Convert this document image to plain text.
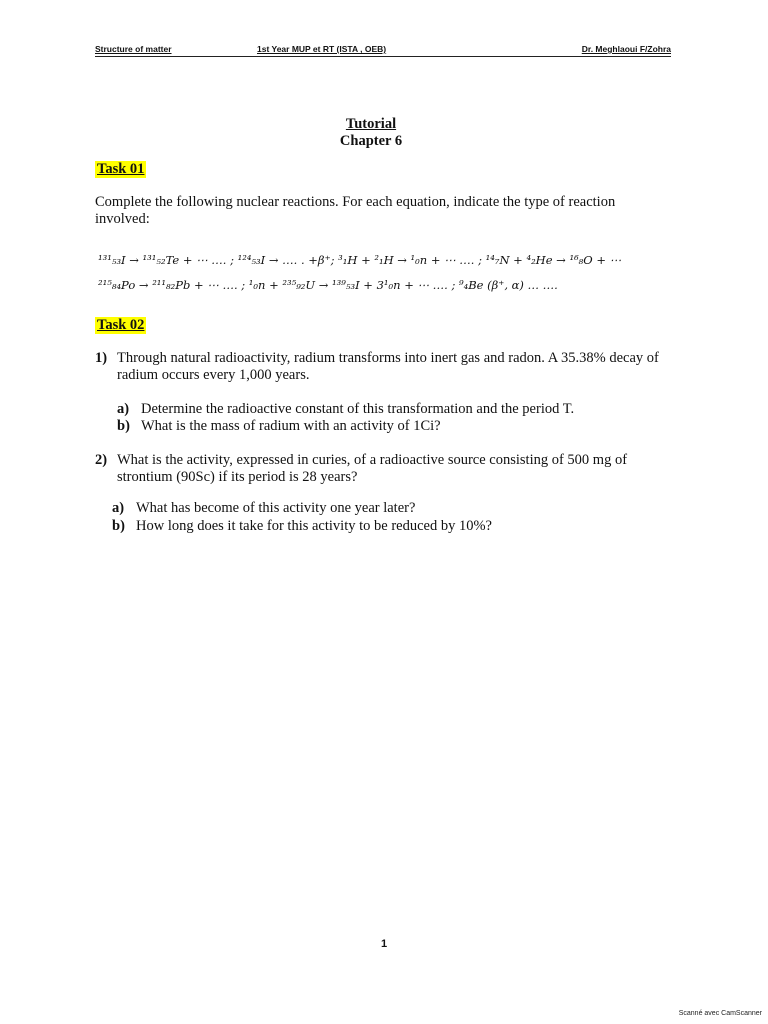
Structure of matter	1st Year MUP et RT (ISTA , OEB)	Dr. Meghlaoui F/Zohra
Tutorial
Chapter 6
Task 01
Complete the following nuclear reactions. For each equation, indicate the type of reaction involved:
¹³¹₅₃I → ¹³¹₅₂Te + ⋯ …. ; ¹²⁴₅₃I → …. . +β⁺; ³₁H + ²₁H → ¹₀n + ⋯ …. ; ¹⁴₇N + ⁴₂He → ¹⁶₈O + ⋯
²¹⁵₈₄Po → ²¹¹₈₂Pb + ⋯ …. ; ¹₀n + ²³⁵₉₂U → ¹³⁹₅₃I + 3¹₀n + ⋯ …. ; ⁹₄Be (β⁺, α) … ….
Task 02
1) Through natural radioactivity, radium transforms into inert gas and radon. A 35.38% decay of radium occurs every 1,000 years.
a) Determine the radioactive constant of this transformation and the period T.
b) What is the mass of radium with an activity of 1Ci?
2) What is the activity, expressed in curies, of a radioactive source consisting of 500 mg of strontium (90Sc) if its period is 28 years?
a) What has become of this activity one year later?
b) How long does it take for this activity to be reduced by 10%?
1
Scanné avec CamScanner
